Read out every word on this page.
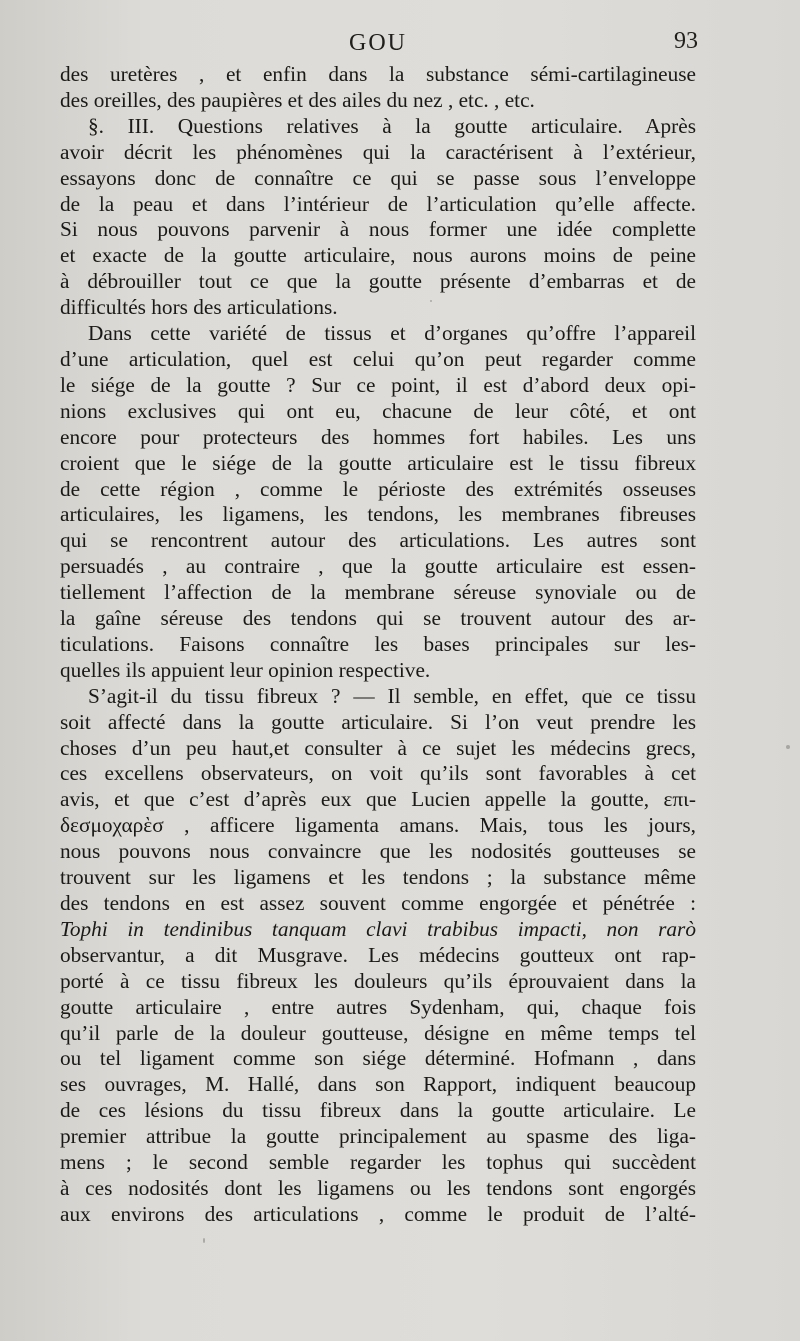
GOU	93
des uretères , et enfin dans la substance sémi-cartilagineuse
des oreilles, des paupières et des ailes du nez , etc. , etc.
§. III. Questions relatives à la goutte articulaire. Après
avoir décrit les phénomènes qui la caractérisent à l’extérieur,
essayons donc de connaître ce qui se passe sous l’enveloppe
de la peau et dans l’intérieur de l’articulation qu’elle affecte.
Si nous pouvons parvenir à nous former une idée complette
et exacte de la goutte articulaire, nous aurons moins de peine
à débrouiller tout ce que la goutte présente d’embarras et de
difficultés hors des articulations.
Dans cette variété de tissus et d’organes qu’offre l’appareil
d’une articulation, quel est celui qu’on peut regarder comme
le siége de la goutte ? Sur ce point, il est d’abord deux opi-
nions exclusives qui ont eu, chacune de leur côté, et ont
encore pour protecteurs des hommes fort habiles. Les uns
croient que le siége de la goutte articulaire est le tissu fibreux
de cette région , comme le périoste des extrémités osseuses
articulaires, les ligamens, les tendons, les membranes fibreuses
qui se rencontrent autour des articulations. Les autres sont
persuadés , au contraire , que la goutte articulaire est essen-
tiellement l’affection de la membrane séreuse synoviale ou de
la gaîne séreuse des tendons qui se trouvent autour des ar-
ticulations. Faisons connaître les bases principales sur les-
quelles ils appuient leur opinion respective.
S’agit-il du tissu fibreux ? — Il semble, en effet, que ce tissu
soit affecté dans la goutte articulaire. Si l’on veut prendre les
choses d’un peu haut,et consulter à ce sujet les médecins grecs,
ces excellens observateurs, on voit qu’ils sont favorables à cet
avis, et que c’est d’après eux que Lucien appelle la goutte, επι-
δεσμοχαρὲσ , afficere ligamenta amans. Mais, tous les jours,
nous pouvons nous convaincre que les nodosités goutteuses se
trouvent sur les ligamens et les tendons ; la substance même
des tendons en est assez souvent comme engorgée et pénétrée :
Tophi in tendinibus tanquam clavi trabibus impacti, non rarò
observantur, a dit Musgrave. Les médecins goutteux ont rap-
porté à ce tissu fibreux les douleurs qu’ils éprouvaient dans la
goutte articulaire , entre autres Sydenham, qui, chaque fois
qu’il parle de la douleur goutteuse, désigne en même temps tel
ou tel ligament comme son siége déterminé. Hofmann , dans
ses ouvrages, M. Hallé, dans son Rapport, indiquent beaucoup
de ces lésions du tissu fibreux dans la goutte articulaire. Le
premier attribue la goutte principalement au spasme des liga-
mens ; le second semble regarder les tophus qui succèdent
à ces nodosités dont les ligamens ou les tendons sont engorgés
aux environs des articulations , comme le produit de l’alté-
